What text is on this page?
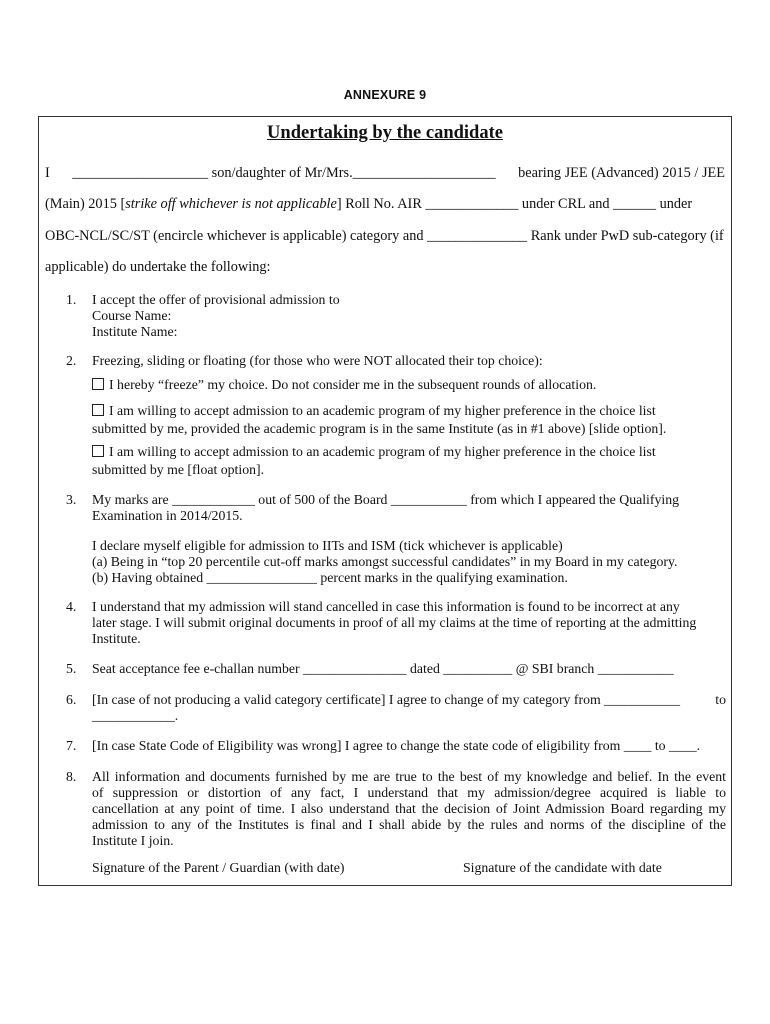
ANNEXURE 9
Undertaking by the candidate
I ___________________ son/daughter of Mr/Mrs.____________________ bearing JEE (Advanced) 2015 / JEE
(Main) 2015 [strike off whichever is not applicable] Roll No. AIR _____________ under CRL and ______ under
OBC-NCL/SC/ST (encircle whichever is applicable) category and ______________ Rank under PwD sub-category (if
applicable) do undertake the following:
1. I accept the offer of provisional admission to
Course Name:
Institute Name:
2. Freezing, sliding or floating (for those who were NOT allocated their top choice):
I hereby “freeze” my choice. Do not consider me in the subsequent rounds of allocation.
I am willing to accept admission to an academic program of my higher preference in the choice list
submitted by me, provided the academic program is in the same Institute (as in #1 above) [slide option].
I am willing to accept admission to an academic program of my higher preference in the choice list
submitted by me [float option].
3. My marks are ____________ out of 500 of the Board ___________ from which I appeared the Qualifying
Examination in 2014/2015.
I declare myself eligible for admission to IITs and ISM (tick whichever is applicable)
(a) Being in “top 20 percentile cut-off marks amongst successful candidates” in my Board in my category.
(b) Having obtained ________________ percent marks in the qualifying examination.
4. I understand that my admission will stand cancelled in case this information is found to be incorrect at any
later stage. I will submit original documents in proof of all my claims at the time of reporting at the admitting
Institute.
5. Seat acceptance fee e-challan number _______________ dated __________ @ SBI branch ___________
6. [In case of not producing a valid category certificate] I agree to change of my category from ___________	to
____________.
7. [In case State Code of Eligibility was wrong] I agree to change the state code of eligibility from ____ to ____.
8. All information and documents furnished by me are true to the best of my knowledge and belief. In the event
of suppression or distortion of any fact, I understand that my admission/degree acquired is liable to
cancellation at any point of time. I also understand that the decision of Joint Admission Board regarding my
admission to any of the Institutes is final and I shall abide by the rules and norms of the discipline of the
Institute I join.
Signature of the Parent / Guardian (with date)	Signature of the candidate with date
